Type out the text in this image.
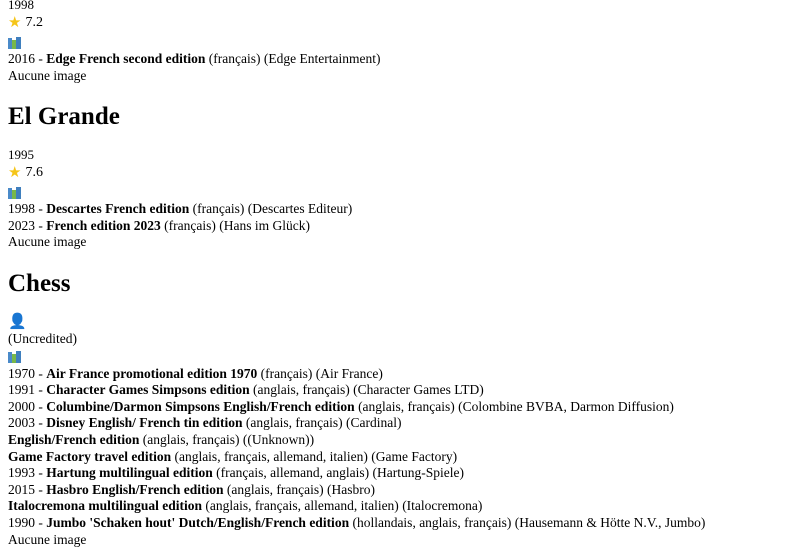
1998
★ 7.2
2016 - Edge French second edition (français) (Edge Entertainment)
Aucune image
El Grande
1995
★ 7.6
1998 - Descartes French edition (français) (Descartes Editeur)
2023 - French edition 2023 (français) (Hans im Glück)
Aucune image
Chess
👤
(Uncredited)
1970 - Air France promotional edition 1970 (français) (Air France)
1991 - Character Games Simpsons edition (anglais, français) (Character Games LTD)
2000 - Columbine/Darmon Simpsons English/French edition (anglais, français) (Colombine BVBA, Darmon Diffusion)
2003 - Disney English/ French tin edition (anglais, français) (Cardinal)
English/French edition (anglais, français) ((Unknown))
Game Factory travel edition (anglais, français, allemand, italien) (Game Factory)
1993 - Hartung multilingual edition (français, allemand, anglais) (Hartung-Spiele)
2015 - Hasbro English/French edition (anglais, français) (Hasbro)
Italocremona multilingual edition (anglais, français, allemand, italien) (Italocremona)
1990 - Jumbo 'Schaken hout' Dutch/English/French edition (hollandais, anglais, français) (Hausemann & Hötte N.V., Jumbo)
Aucune image
